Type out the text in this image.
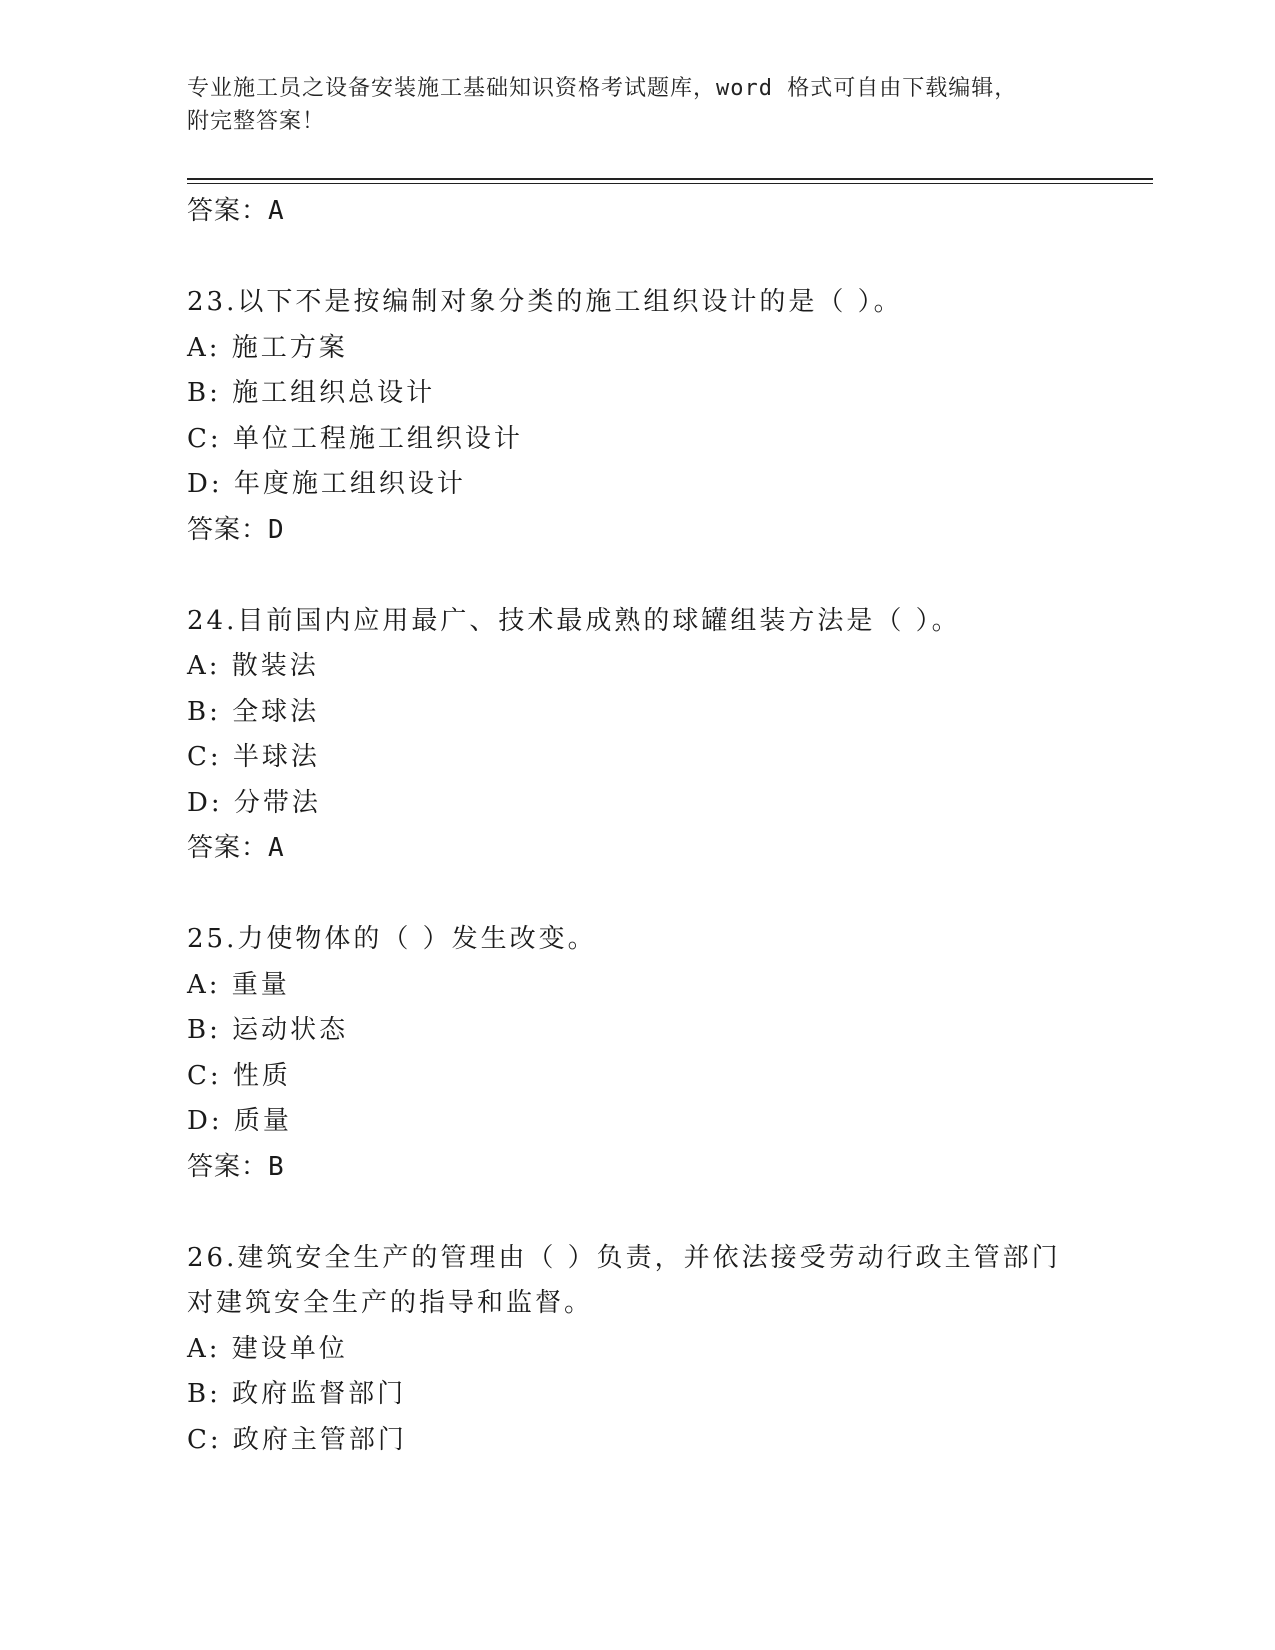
专业施工员之设备安装施工基础知识资格考试题库，word 格式可自由下载编辑，
附完整答案！
答案：A
23.以下不是按编制对象分类的施工组织设计的是（ ）。
A: 施工方案
B: 施工组织总设计
C: 单位工程施工组织设计
D: 年度施工组织设计
答案：D
24.目前国内应用最广、技术最成熟的球罐组装方法是（ ）。
A: 散装法
B: 全球法
C: 半球法
D: 分带法
答案：A
25.力使物体的（ ）发生改变。
A: 重量
B: 运动状态
C: 性质
D: 质量
答案：B
26.建筑安全生产的管理由（ ）负责，并依法接受劳动行政主管部门
对建筑安全生产的指导和监督。
A: 建设单位
B: 政府监督部门
C: 政府主管部门
